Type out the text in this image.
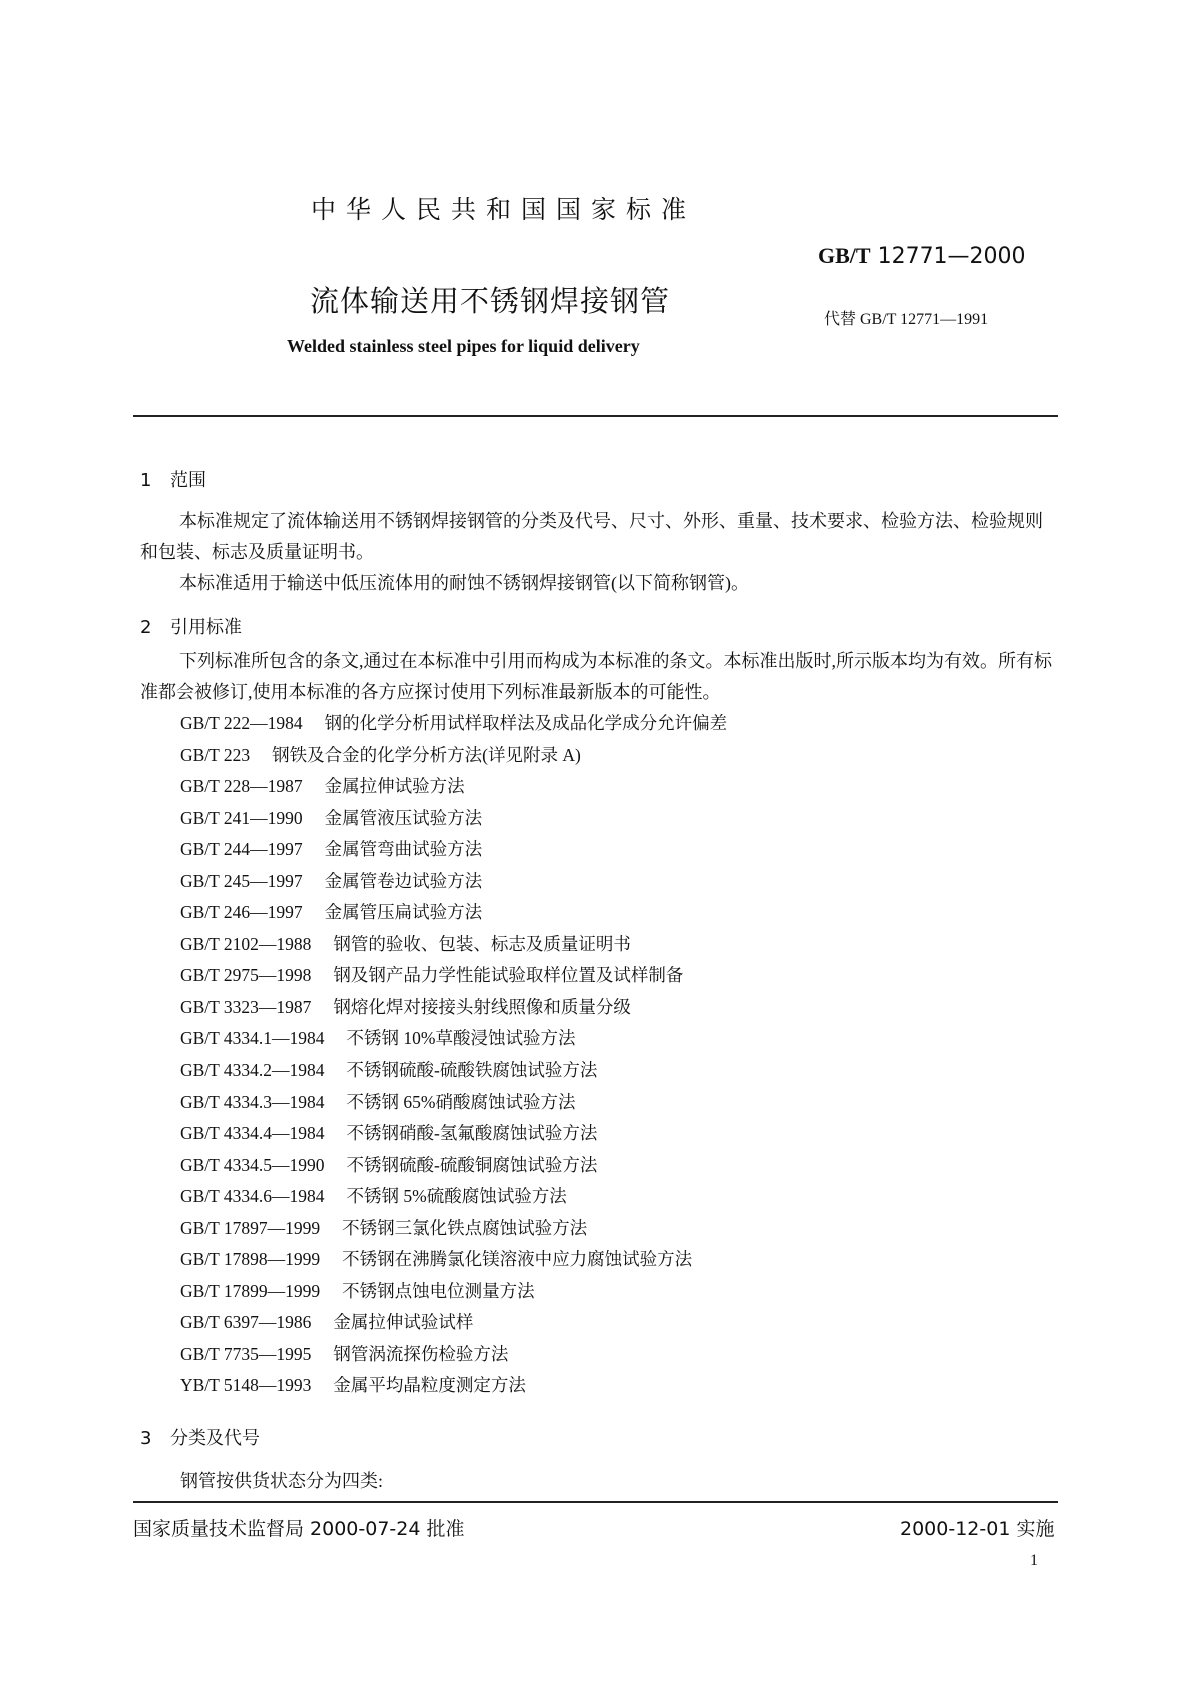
中华人民共和国国家标准
GB/T 12771—2000
流体输送用不锈钢焊接钢管
代替 GB/T 12771—1991
Welded stainless steel pipes for liquid delivery
1 范围
本标准规定了流体输送用不锈钢焊接钢管的分类及代号、尺寸、外形、重量、技术要求、检验方法、检验规则和包装、标志及质量证明书。
本标准适用于输送中低压流体用的耐蚀不锈钢焊接钢管(以下简称钢管)。
2 引用标准
下列标准所包含的条文,通过在本标准中引用而构成为本标准的条文。本标准出版时,所示版本均为有效。所有标准都会被修订,使用本标准的各方应探讨使用下列标准最新版本的可能性。
GB/T 222—1984 钢的化学分析用试样取样法及成品化学成分允许偏差
GB/T 223 钢铁及合金的化学分析方法(详见附录 A)
GB/T 228—1987 金属拉伸试验方法
GB/T 241—1990 金属管液压试验方法
GB/T 244—1997 金属管弯曲试验方法
GB/T 245—1997 金属管卷边试验方法
GB/T 246—1997 金属管压扁试验方法
GB/T 2102—1988 钢管的验收、包装、标志及质量证明书
GB/T 2975—1998 钢及钢产品力学性能试验取样位置及试样制备
GB/T 3323—1987 钢熔化焊对接接头射线照像和质量分级
GB/T 4334.1—1984 不锈钢 10%草酸浸蚀试验方法
GB/T 4334.2—1984 不锈钢硫酸-硫酸铁腐蚀试验方法
GB/T 4334.3—1984 不锈钢 65%硝酸腐蚀试验方法
GB/T 4334.4—1984 不锈钢硝酸-氢氟酸腐蚀试验方法
GB/T 4334.5—1990 不锈钢硫酸-硫酸铜腐蚀试验方法
GB/T 4334.6—1984 不锈钢 5%硫酸腐蚀试验方法
GB/T 17897—1999 不锈钢三氯化铁点腐蚀试验方法
GB/T 17898—1999 不锈钢在沸腾氯化镁溶液中应力腐蚀试验方法
GB/T 17899—1999 不锈钢点蚀电位测量方法
GB/T 6397—1986 金属拉伸试验试样
GB/T 7735—1995 钢管涡流探伤检验方法
YB/T 5148—1993 金属平均晶粒度测定方法
3 分类及代号
钢管按供货状态分为四类:
国家质量技术监督局 2000-07-24 批准	2000-12-01 实施
1
